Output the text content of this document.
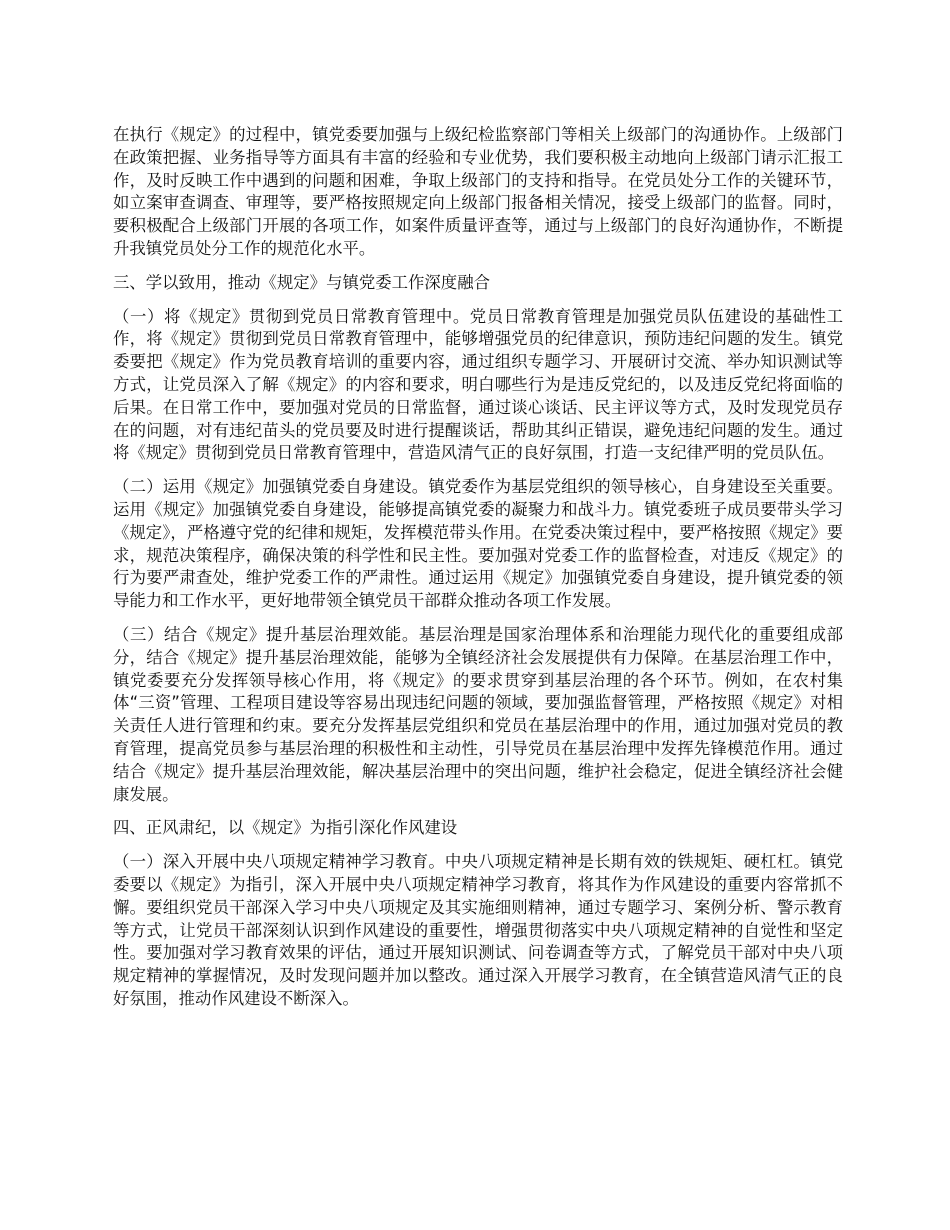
在执行《规定》的过程中，镇党委要加强与上级纪检监察部门等相关上级部门的沟通协作。上级部门在政策把握、业务指导等方面具有丰富的经验和专业优势，我们要积极主动地向上级部门请示汇报工作，及时反映工作中遇到的问题和困难，争取上级部门的支持和指导。在党员处分工作的关键环节，如立案审查调查、审理等，要严格按照规定向上级部门报备相关情况，接受上级部门的监督。同时，要积极配合上级部门开展的各项工作，如案件质量评查等，通过与上级部门的良好沟通协作，不断提升我镇党员处分工作的规范化水平。

三、学以致用，推动《规定》与镇党委工作深度融合

（一）将《规定》贯彻到党员日常教育管理中。党员日常教育管理是加强党员队伍建设的基础性工作，将《规定》贯彻到党员日常教育管理中，能够增强党员的纪律意识，预防违纪问题的发生。镇党委要把《规定》作为党员教育培训的重要内容，通过组织专题学习、开展研讨交流、举办知识测试等方式，让党员深入了解《规定》的内容和要求，明白哪些行为是违反党纪的，以及违反党纪将面临的后果。在日常工作中，要加强对党员的日常监督，通过谈心谈话、民主评议等方式，及时发现党员存在的问题，对有违纪苗头的党员要及时进行提醒谈话，帮助其纠正错误，避免违纪问题的发生。通过将《规定》贯彻到党员日常教育管理中，营造风清气正的良好氛围，打造一支纪律严明的党员队伍。

（二）运用《规定》加强镇党委自身建设。镇党委作为基层党组织的领导核心，自身建设至关重要。运用《规定》加强镇党委自身建设，能够提高镇党委的凝聚力和战斗力。镇党委班子成员要带头学习《规定》，严格遵守党的纪律和规矩，发挥模范带头作用。在党委决策过程中，要严格按照《规定》要求，规范决策程序，确保决策的科学性和民主性。要加强对党委工作的监督检查，对违反《规定》的行为要严肃查处，维护党委工作的严肃性。通过运用《规定》加强镇党委自身建设，提升镇党委的领导能力和工作水平，更好地带领全镇党员干部群众推动各项工作发展。

（三）结合《规定》提升基层治理效能。基层治理是国家治理体系和治理能力现代化的重要组成部分，结合《规定》提升基层治理效能，能够为全镇经济社会发展提供有力保障。在基层治理工作中，镇党委要充分发挥领导核心作用，将《规定》的要求贯穿到基层治理的各个环节。例如，在农村集体“三资”管理、工程项目建设等容易出现违纪问题的领域，要加强监督管理，严格按照《规定》对相关责任人进行管理和约束。要充分发挥基层党组织和党员在基层治理中的作用，通过加强对党员的教育管理，提高党员参与基层治理的积极性和主动性，引导党员在基层治理中发挥先锋模范作用。通过结合《规定》提升基层治理效能，解决基层治理中的突出问题，维护社会稳定，促进全镇经济社会健康发展。

四、正风肃纪，以《规定》为指引深化作风建设

（一）深入开展中央八项规定精神学习教育。中央八项规定精神是长期有效的铁规矩、硬杠杠。镇党委要以《规定》为指引，深入开展中央八项规定精神学习教育，将其作为作风建设的重要内容常抓不懈。要组织党员干部深入学习中央八项规定及其实施细则精神，通过专题学习、案例分析、警示教育等方式，让党员干部深刻认识到作风建设的重要性，增强贯彻落实中央八项规定精神的自觉性和坚定性。要加强对学习教育效果的评估，通过开展知识测试、问卷调查等方式，了解党员干部对中央八项规定精神的掌握情况，及时发现问题并加以整改。通过深入开展学习教育，在全镇营造风清气正的良好氛围，推动作风建设不断深入。
